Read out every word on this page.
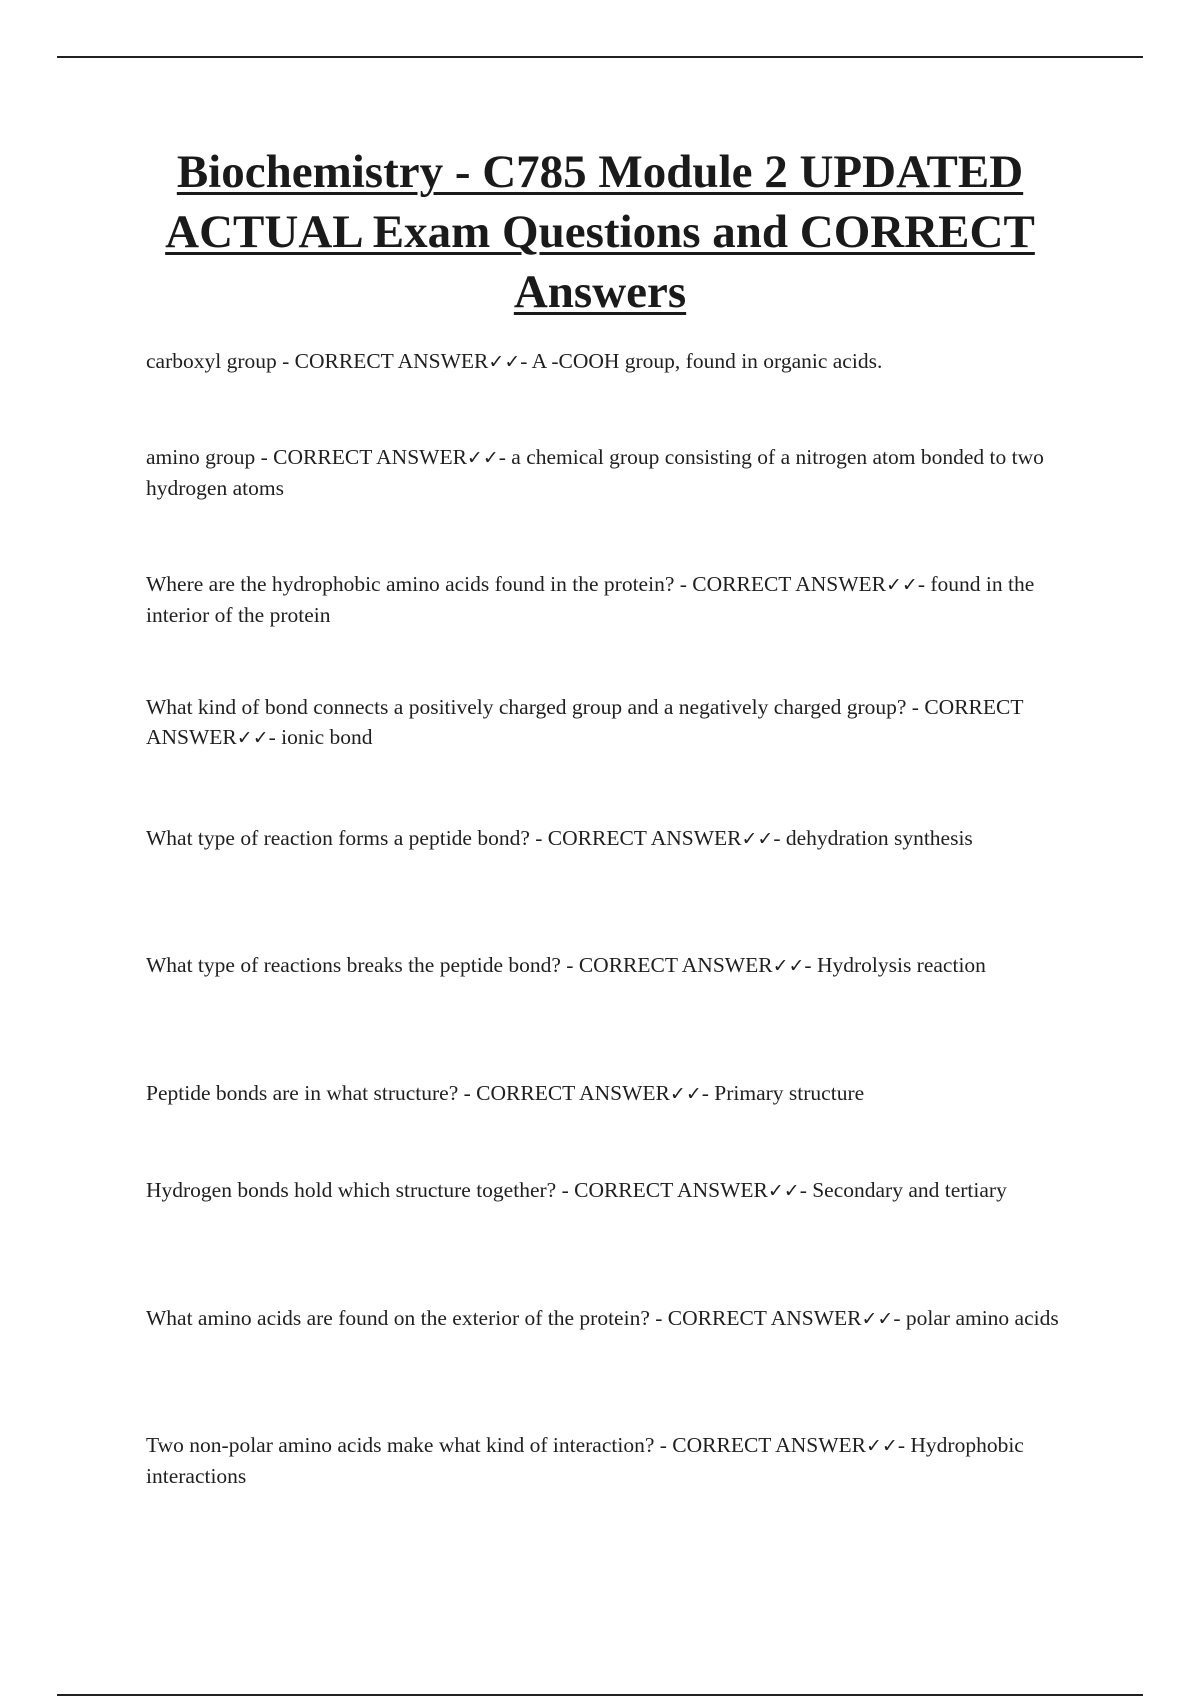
Biochemistry - C785 Module 2 UPDATED
ACTUAL Exam Questions and CORRECT
Answers

carboxyl group - CORRECT ANSWER✓✓- A -COOH group, found in organic acids.

amino group - CORRECT ANSWER✓✓- a chemical group consisting of a nitrogen atom bonded to two hydrogen atoms

Where are the hydrophobic amino acids found in the protein? - CORRECT ANSWER✓✓- found in the interior of the protein

What kind of bond connects a positively charged group and a negatively charged group? - CORRECT ANSWER✓✓- ionic bond

What type of reaction forms a peptide bond? - CORRECT ANSWER✓✓- dehydration synthesis

What type of reactions breaks the peptide bond? - CORRECT ANSWER✓✓- Hydrolysis reaction

Peptide bonds are in what structure? - CORRECT ANSWER✓✓- Primary structure

Hydrogen bonds hold which structure together? - CORRECT ANSWER✓✓- Secondary and tertiary

What amino acids are found on the exterior of the protein? - CORRECT ANSWER✓✓- polar amino acids

Two non-polar amino acids make what kind of interaction? - CORRECT ANSWER✓✓- Hydrophobic interactions
